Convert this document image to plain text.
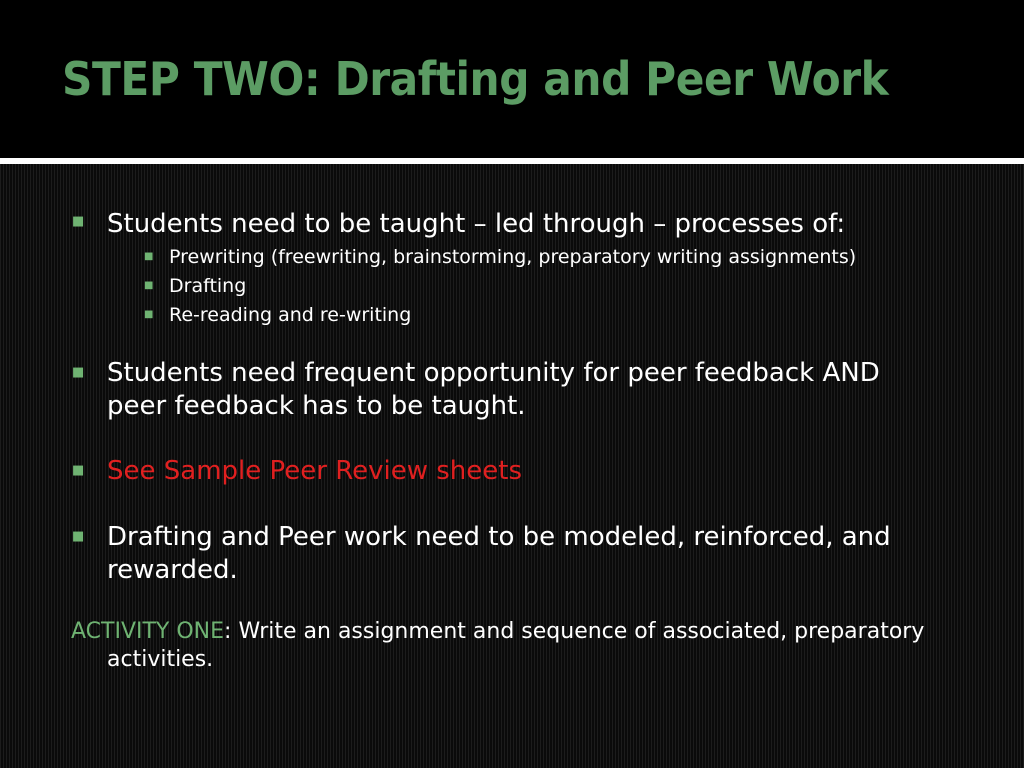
STEP TWO: Drafting and Peer Work
■ Students need to be taught – led through – processes of:
■ Prewriting (freewriting, brainstorming, preparatory writing assignments)
■ Drafting
■ Re-reading and re-writing
■ Students need frequent opportunity for peer feedback AND
peer feedback has to be taught.
■ See Sample Peer Review sheets
■ Drafting and Peer work need to be modeled, reinforced, and
rewarded.
ACTIVITY ONE: Write an assignment and sequence of associated, preparatory
activities.
